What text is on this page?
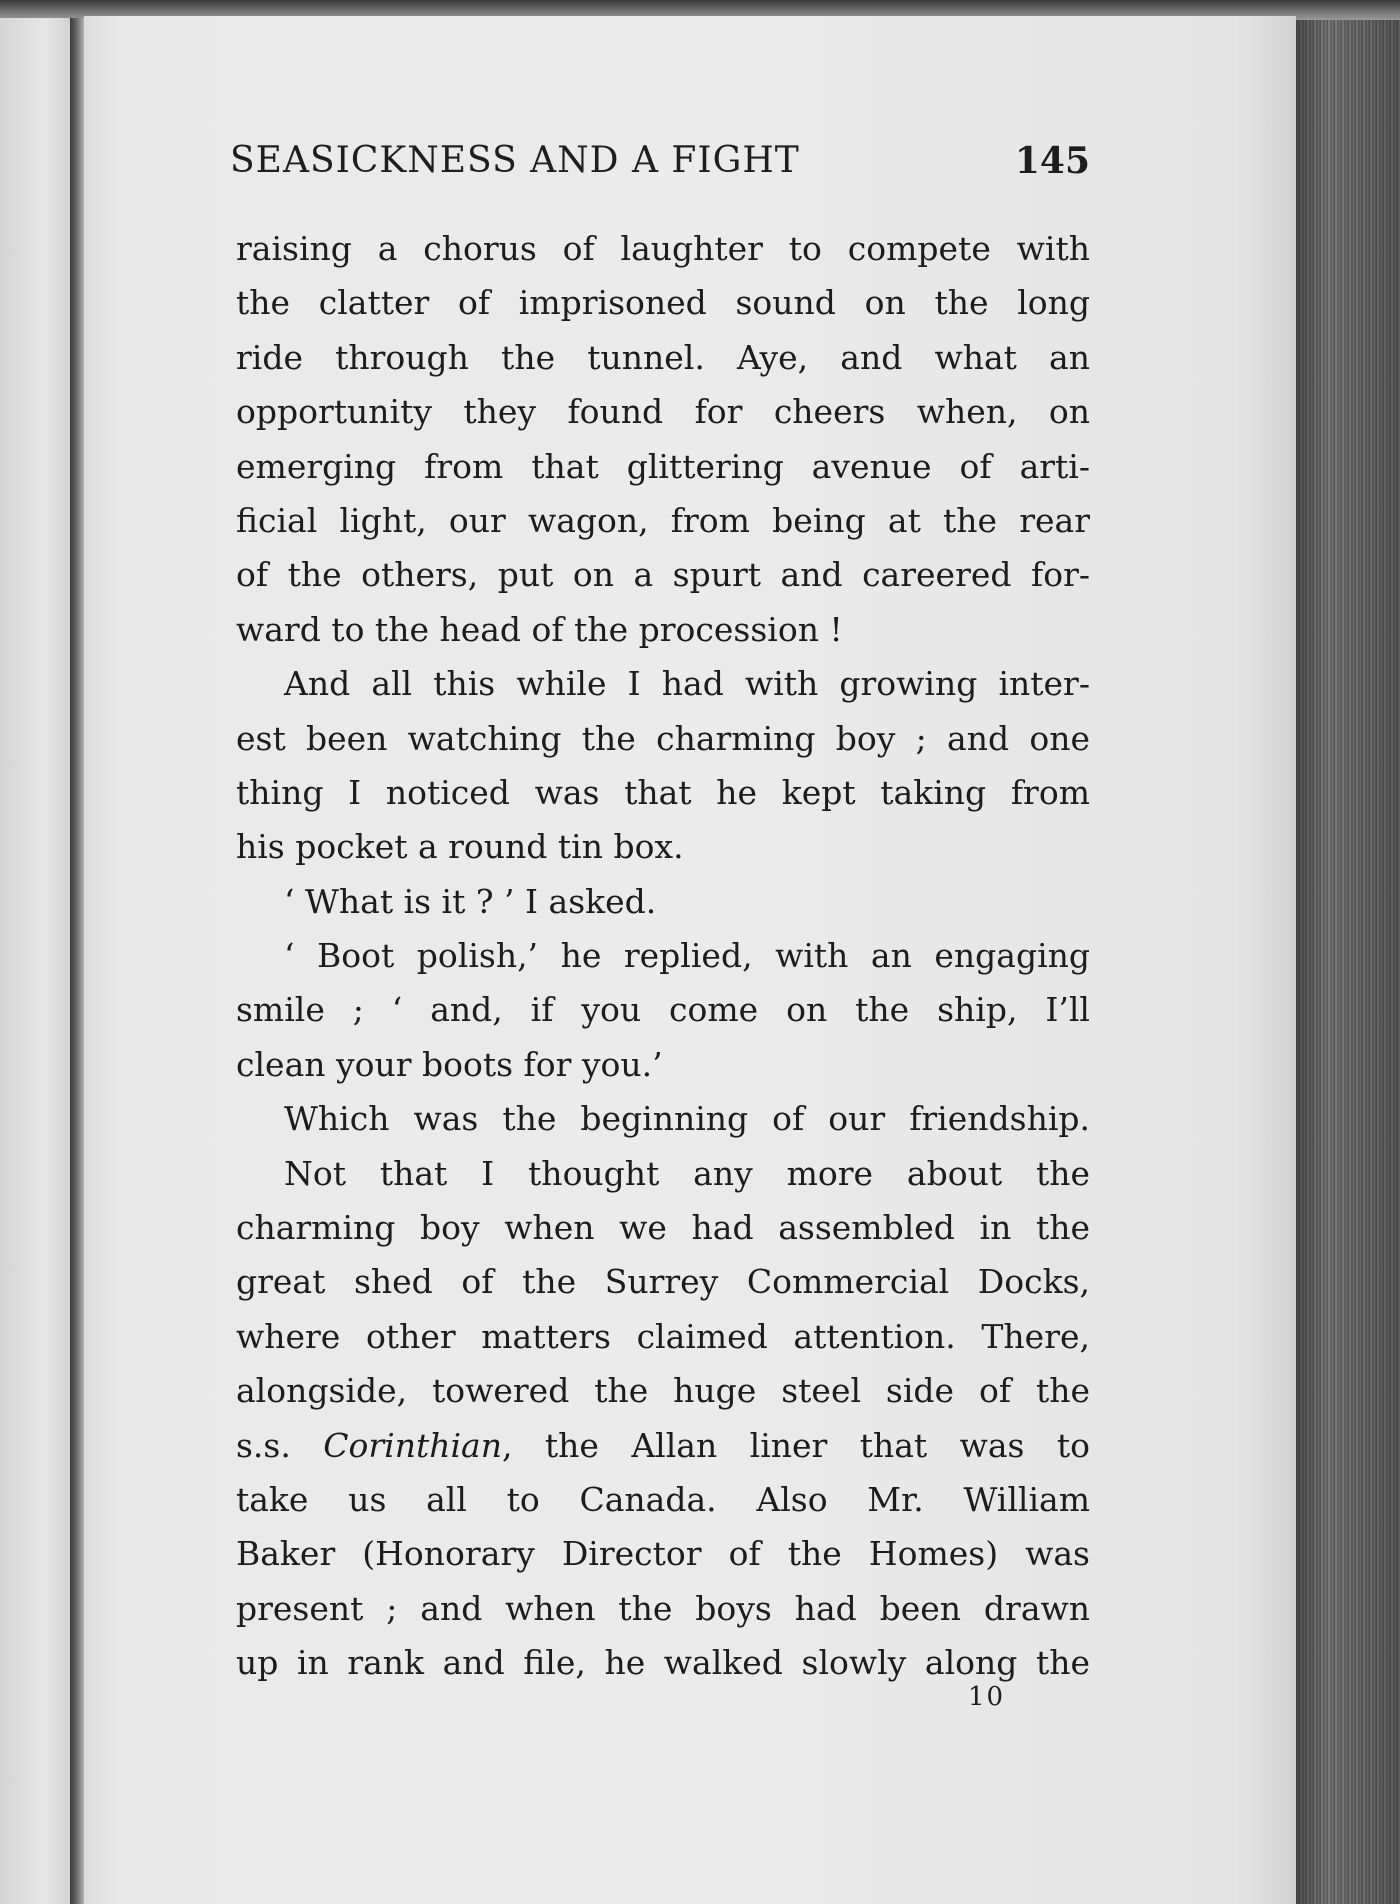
SEASICKNESS AND A FIGHT	145
raising a chorus of laughter to compete with
the clatter of imprisoned sound on the long
ride through the tunnel. Aye, and what an
opportunity they found for cheers when, on
emerging from that glittering avenue of arti-
ficial light, our wagon, from being at the rear
of the others, put on a spurt and careered for-
ward to the head of the procession !
And all this while I had with growing inter-
est been watching the charming boy ; and one
thing I noticed was that he kept taking from
his pocket a round tin box.
‘ What is it ? ’ I asked.
‘ Boot polish,’ he replied, with an engaging
smile ; ‘ and, if you come on the ship, I’ll
clean your boots for you.’
Which was the beginning of our friendship.
Not that I thought any more about the
charming boy when we had assembled in the
great shed of the Surrey Commercial Docks,
where other matters claimed attention. There,
alongside, towered the huge steel side of the
s.s. Corinthian, the Allan liner that was to
take us all to Canada. Also Mr. William
Baker (Honorary Director of the Homes) was
present ; and when the boys had been drawn
up in rank and file, he walked slowly along the
10
